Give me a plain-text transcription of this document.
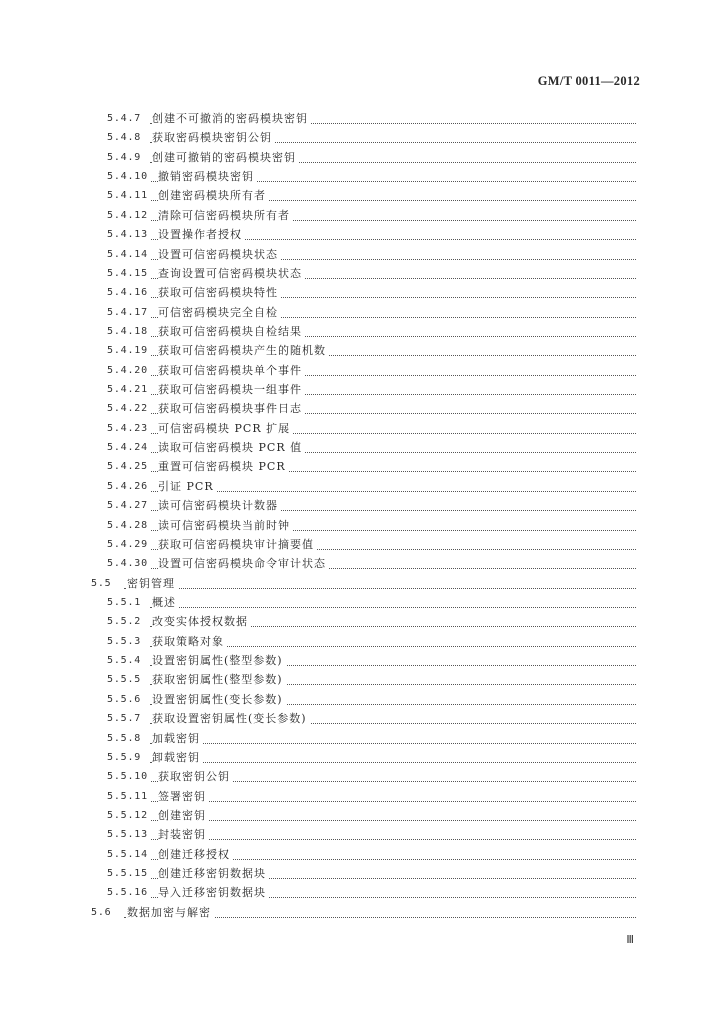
GM/T 0011—2012
5.4.7 创建不可撤消的密码模块密钥
5.4.8 获取密码模块密钥公钥
5.4.9 创建可撤销的密码模块密钥
5.4.10 撤销密码模块密钥
5.4.11 创建密码模块所有者
5.4.12 清除可信密码模块所有者
5.4.13 设置操作者授权
5.4.14 设置可信密码模块状态
5.4.15 查询设置可信密码模块状态
5.4.16 获取可信密码模块特性
5.4.17 可信密码模块完全自检
5.4.18 获取可信密码模块自检结果
5.4.19 获取可信密码模块产生的随机数
5.4.20 获取可信密码模块单个事件
5.4.21 获取可信密码模块一组事件
5.4.22 获取可信密码模块事件日志
5.4.23 可信密码模块 PCR 扩展
5.4.24 读取可信密码模块 PCR 值
5.4.25 重置可信密码模块 PCR
5.4.26 引证 PCR
5.4.27 读可信密码模块计数器
5.4.28 读可信密码模块当前时钟
5.4.29 获取可信密码模块审计摘要值
5.4.30 设置可信密码模块命令审计状态
5.5 密钥管理
5.5.1 概述
5.5.2 改变实体授权数据
5.5.3 获取策略对象
5.5.4 设置密钥属性(整型参数)
5.5.5 获取密钥属性(整型参数)
5.5.6 设置密钥属性(变长参数)
5.5.7 获取设置密钥属性(变长参数)
5.5.8 加载密钥
5.5.9 卸载密钥
5.5.10 获取密钥公钥
5.5.11 签署密钥
5.5.12 创建密钥
5.5.13 封装密钥
5.5.14 创建迁移授权
5.5.15 创建迁移密钥数据块
5.5.16 导入迁移密钥数据块
5.6 数据加密与解密
Ⅲ
